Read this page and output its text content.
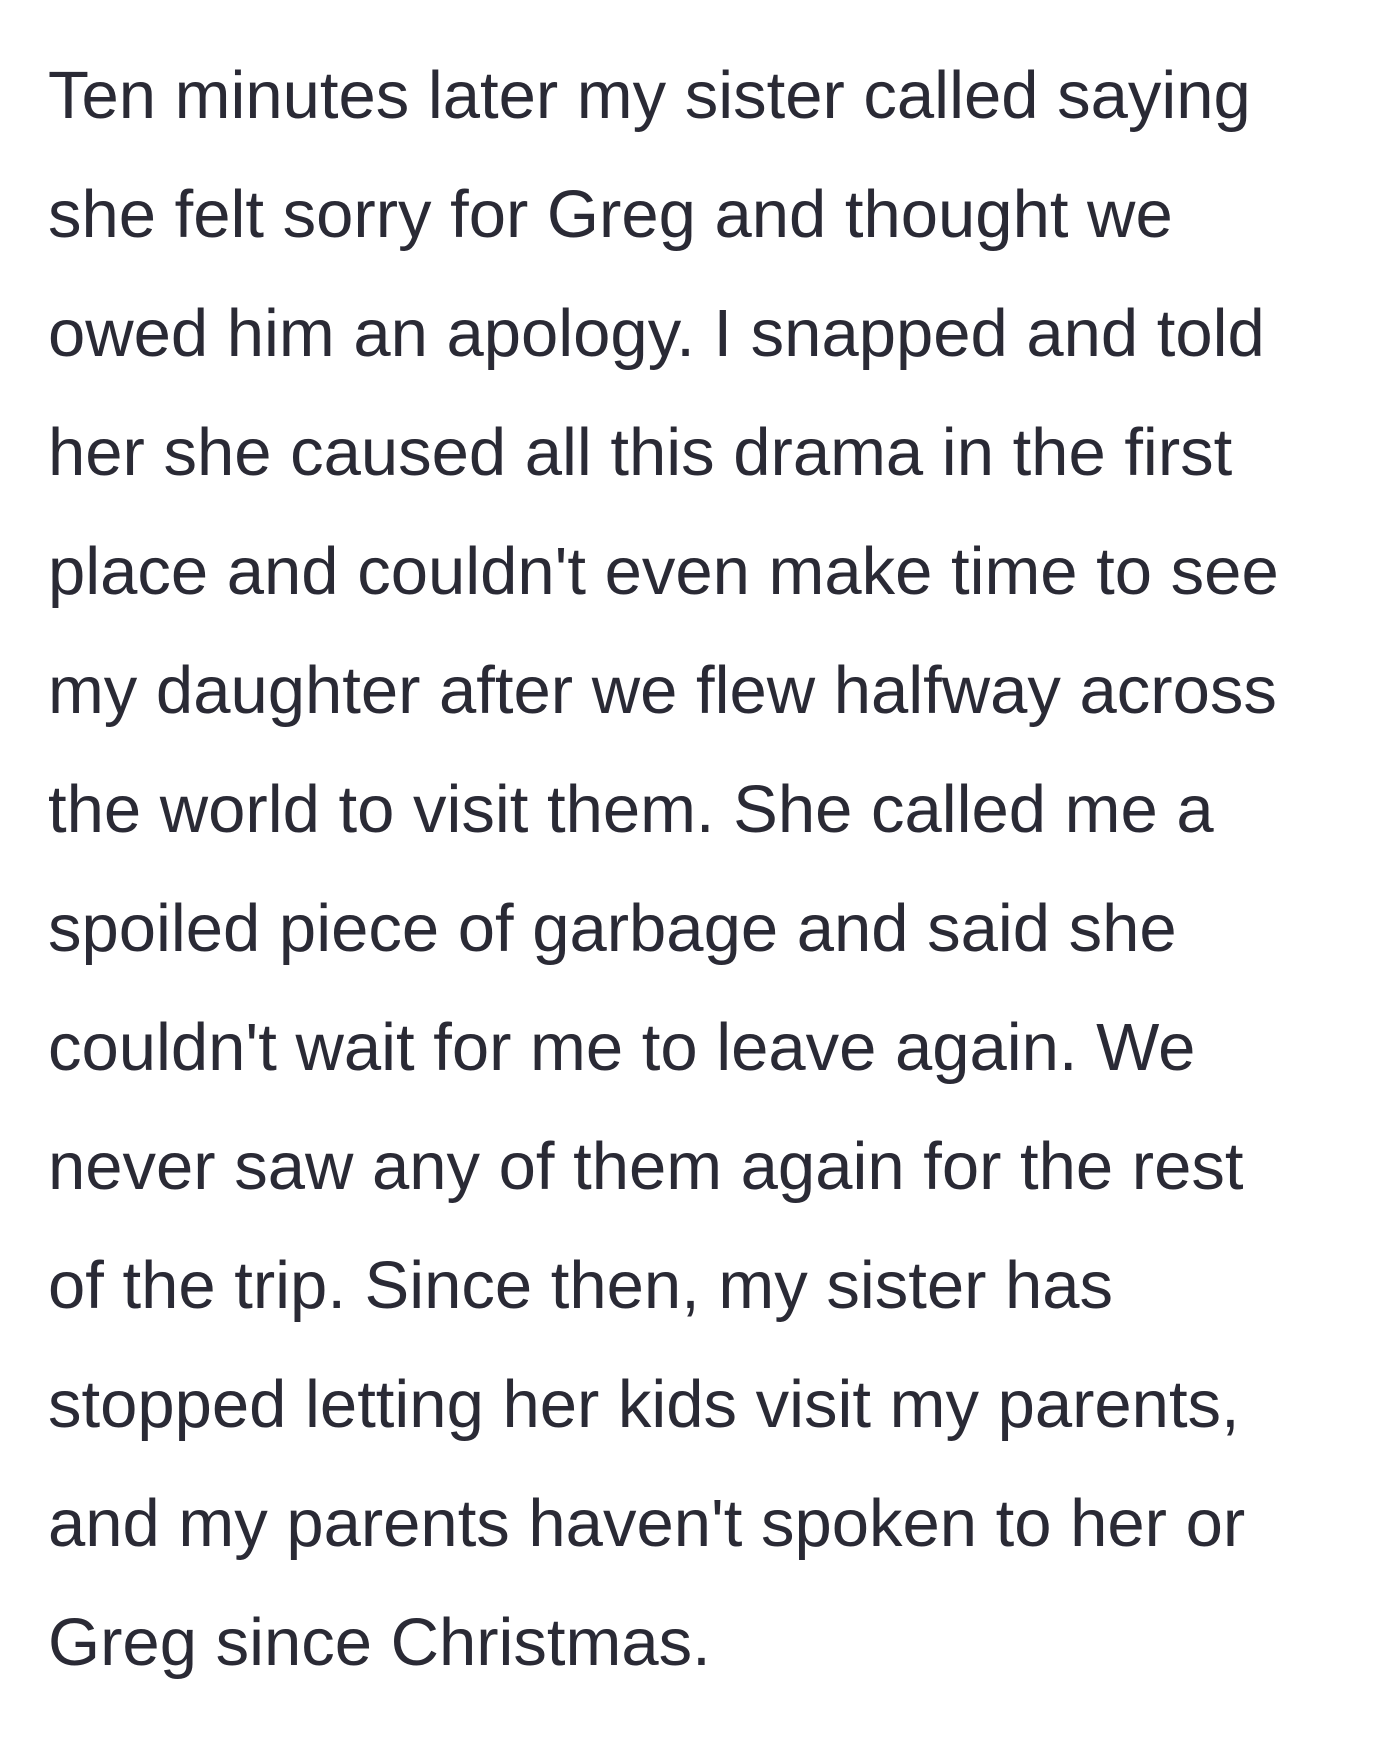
Ten minutes later my sister called saying
she felt sorry for Greg and thought we
owed him an apology. I snapped and told
her she caused all this drama in the first
place and couldn't even make time to see
my daughter after we flew halfway across
the world to visit them. She called me a
spoiled piece of garbage and said she
couldn't wait for me to leave again. We
never saw any of them again for the rest
of the trip. Since then, my sister has
stopped letting her kids visit my parents,
and my parents haven't spoken to her or
Greg since Christmas.
